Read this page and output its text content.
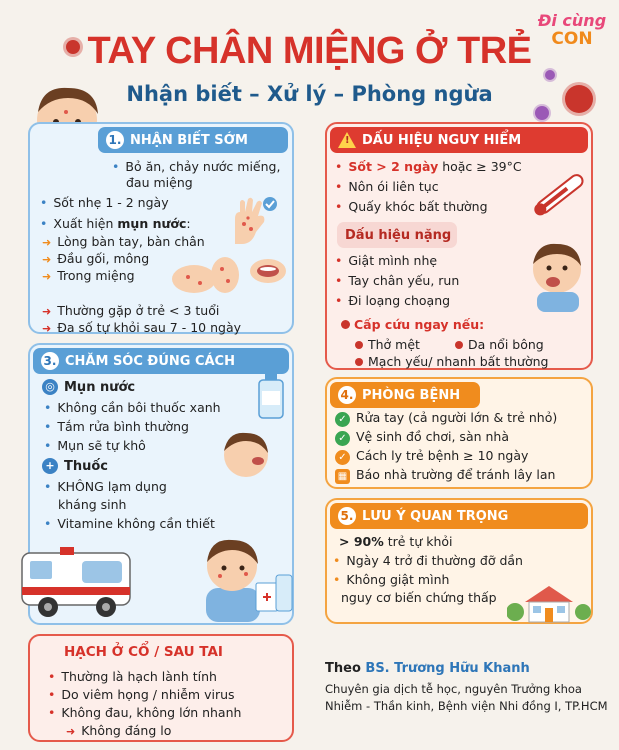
Đi cùng
CON
TAY CHÂN MIỆNG Ở TRẺ
Nhận biết – Xử lý – Phòng ngừa
1. NHẬN BIẾT SỚM
• Bỏ ăn, chảy nước miếng,
đau miệng
• Sốt nhẹ 1 - 2 ngày
• Xuất hiện mụn nước:
➜ Lòng bàn tay, bàn chân
➜ Đầu gối, mông
➜ Trong miệng
➜ Thường gặp ở trẻ < 3 tuổi
➜ Đa số tự khỏi sau 7 - 10 ngày
! DẤU HIỆU NGUY HIỂM
• Sốt > 2 ngày hoặc ≥ 39°C
• Nôn ói liên tục
• Quấy khóc bất thường
Dấu hiệu nặng
• Giật mình nhẹ
• Tay chân yếu, run
• Đi loạng choạng
Cấp cứu ngay nếu:
Thở mệt	Da nổi bông
Mạch yếu/ nhanh bất thường
3. CHĂM SÓC ĐÚNG CÁCH
◎ Mụn nước
• Không cần bôi thuốc xanh
• Tắm rửa bình thường
• Mụn sẽ tự khô
+ Thuốc
• KHÔNG lạm dụng
kháng sinh
• Vitamine không cần thiết
4. PHÒNG BỆNH
✓ Rửa tay (cả người lớn & trẻ nhỏ)
✓ Vệ sinh đồ chơi, sàn nhà
✓ Cách ly trẻ bệnh ≥ 10 ngày
▦ Báo nhà trường để tránh lây lan
5. LƯU Ý QUAN TRỌNG
> 90% trẻ tự khỏi
• Ngày 4 trở đi thường đỡ dần
• Không giật mình
nguy cơ biến chứng thấp
HẠCH Ở CỔ / SAU TAI
• Thường là hạch lành tính
• Do viêm họng / nhiễm virus
• Không đau, không lớn nhanh
➜ Không đáng lo
Theo BS. Trương Hữu Khanh
Chuyên gia dịch tễ học, nguyên Trưởng khoa
Nhiễm - Thần kinh, Bệnh viện Nhi đồng I, TP.HCM
